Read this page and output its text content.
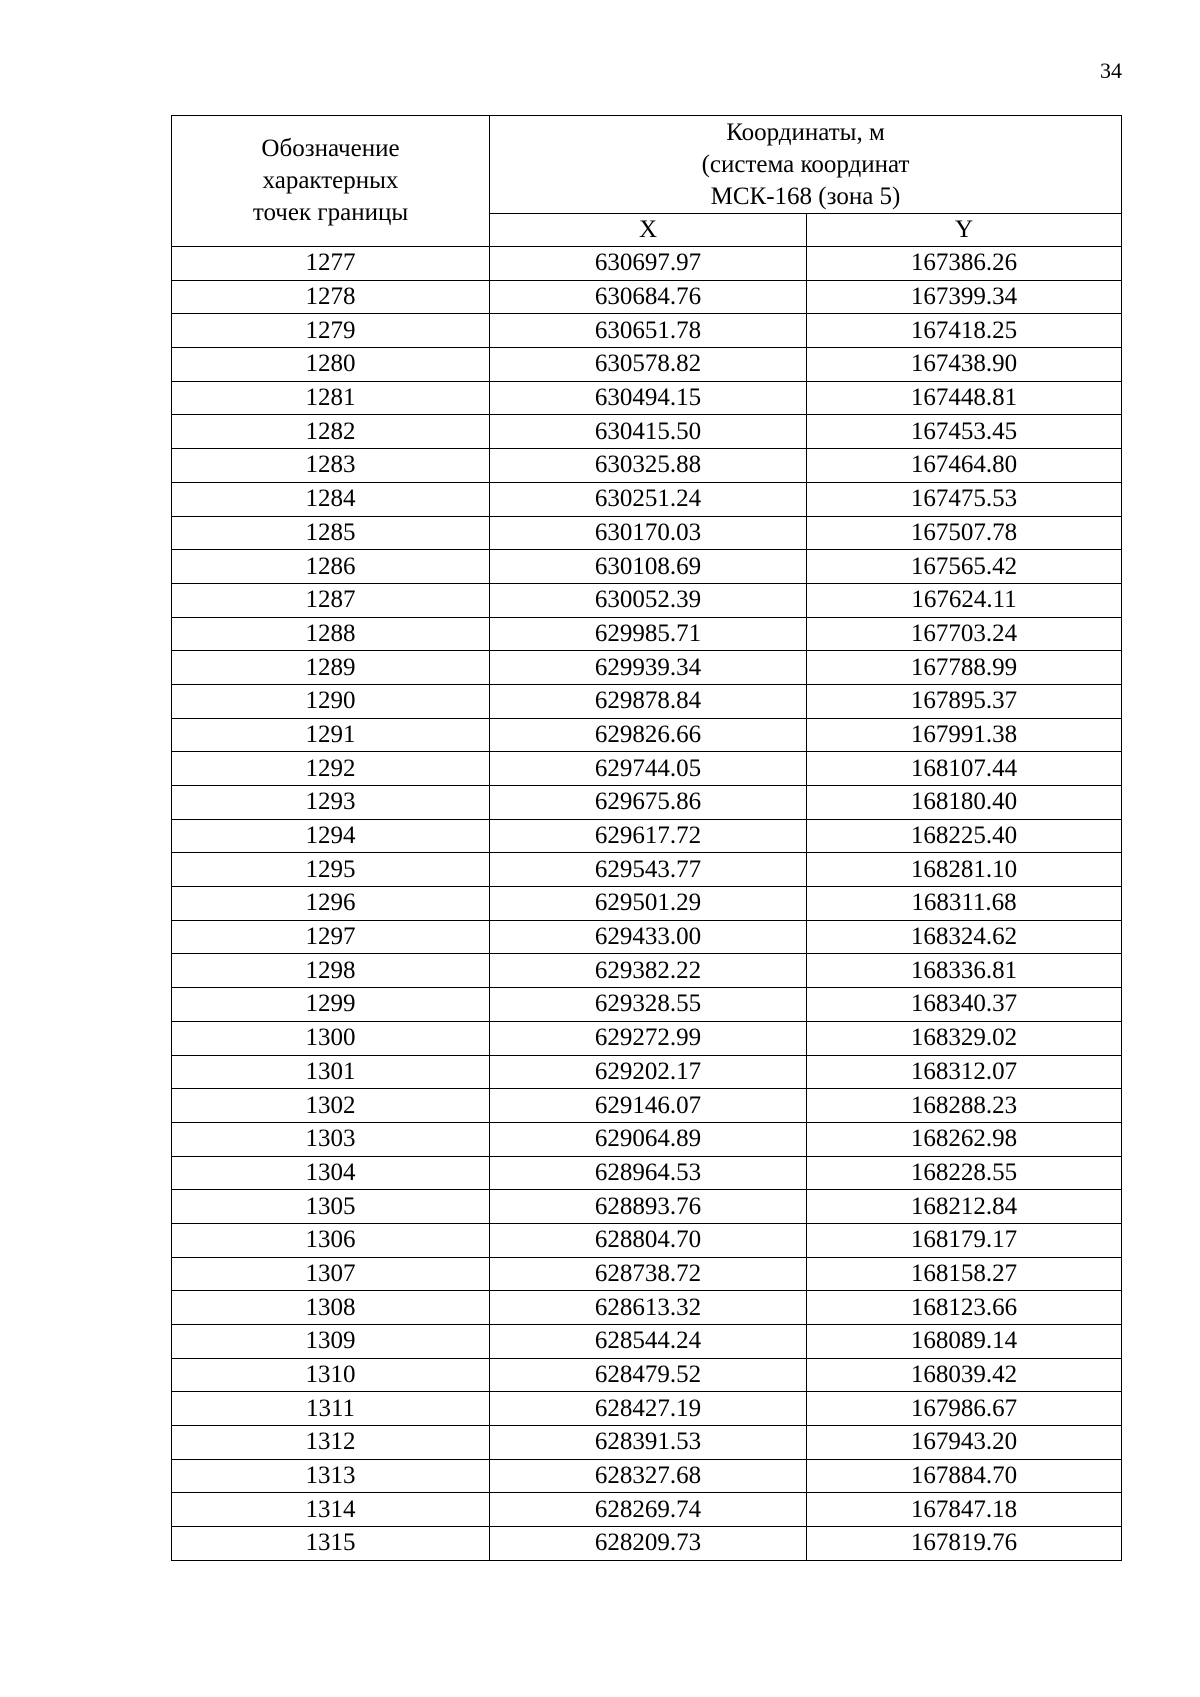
34
Обозначение
характерных
точек границы	Координаты, м
(система координат
МСК-168 (зона 5)	
	X	Y
1277	630697.97	167386.26
1278	630684.76	167399.34
1279	630651.78	167418.25
1280	630578.82	167438.90
1281	630494.15	167448.81
1282	630415.50	167453.45
1283	630325.88	167464.80
1284	630251.24	167475.53
1285	630170.03	167507.78
1286	630108.69	167565.42
1287	630052.39	167624.11
1288	629985.71	167703.24
1289	629939.34	167788.99
1290	629878.84	167895.37
1291	629826.66	167991.38
1292	629744.05	168107.44
1293	629675.86	168180.40
1294	629617.72	168225.40
1295	629543.77	168281.10
1296	629501.29	168311.68
1297	629433.00	168324.62
1298	629382.22	168336.81
1299	629328.55	168340.37
1300	629272.99	168329.02
1301	629202.17	168312.07
1302	629146.07	168288.23
1303	629064.89	168262.98
1304	628964.53	168228.55
1305	628893.76	168212.84
1306	628804.70	168179.17
1307	628738.72	168158.27
1308	628613.32	168123.66
1309	628544.24	168089.14
1310	628479.52	168039.42
1311	628427.19	167986.67
1312	628391.53	167943.20
1313	628327.68	167884.70
1314	628269.74	167847.18
1315	628209.73	167819.76
